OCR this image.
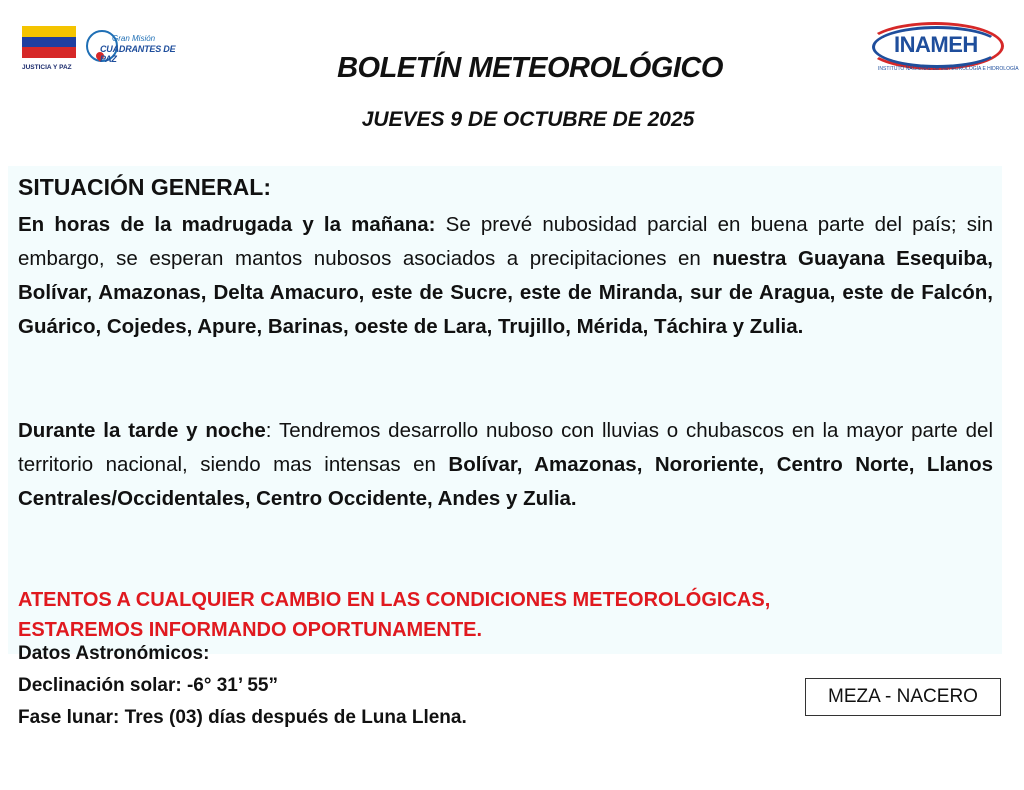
JUSTICIA Y PAZ
Gran Misión
CUADRANTES DE PAZ
INAMEH
INSTITUTO NACIONAL DE METEOROLOGÍA E HIDROLOGÍA
BOLETÍN METEOROLÓGICO
JUEVES 9 DE OCTUBRE DE 2025
SITUACIÓN GENERAL:
En horas de la madrugada y la mañana: Se prevé nubosidad parcial en buena parte del país; sin embargo, se esperan mantos nubosos asociados a precipitaciones en nuestra Guayana Esequiba, Bolívar, Amazonas, Delta Amacuro, este de Sucre, este de Miranda, sur de Aragua, este de Falcón, Guárico, Cojedes, Apure, Barinas, oeste de Lara, Trujillo, Mérida, Táchira y Zulia.
Durante la tarde y noche: Tendremos desarrollo nuboso con lluvias o chubascos en la mayor parte del territorio nacional, siendo mas intensas en Bolívar, Amazonas, Nororiente, Centro Norte, Llanos Centrales/Occidentales, Centro Occidente, Andes y Zulia.
ATENTOS A CUALQUIER CAMBIO EN LAS CONDICIONES METEOROLÓGICAS,
ESTAREMOS INFORMANDO OPORTUNAMENTE.
Datos Astronómicos:
Declinación solar: -6° 31’ 55”
Fase lunar: Tres (03) días después de Luna Llena.
MEZA - NACERO
